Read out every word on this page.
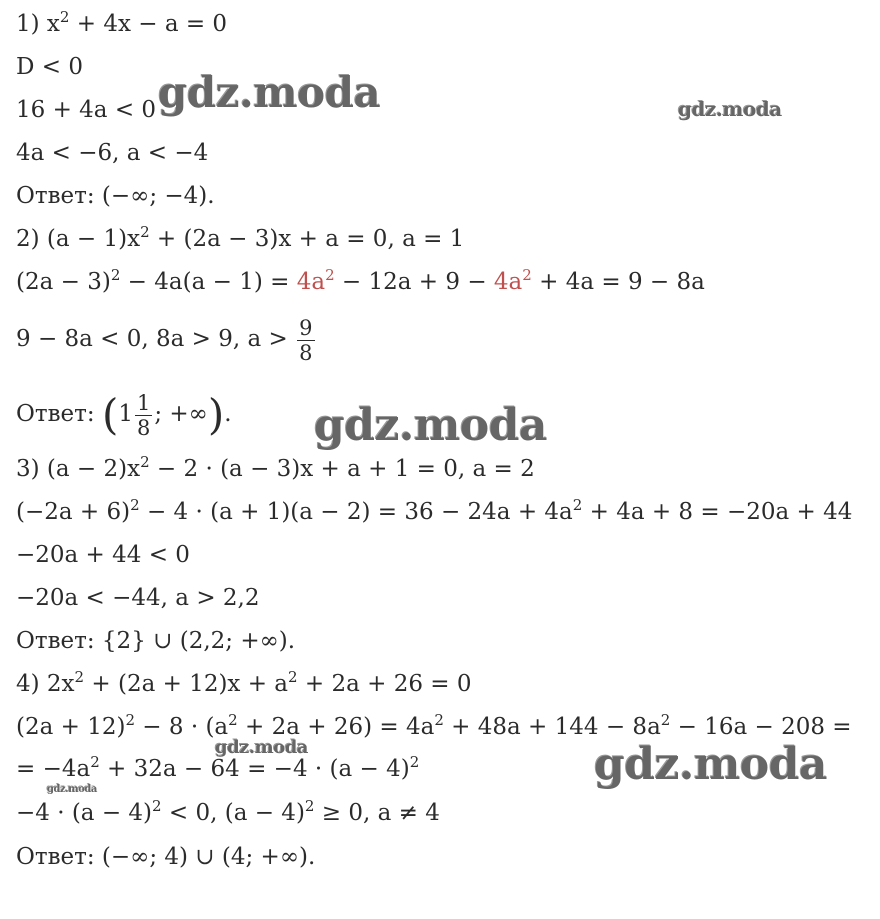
1) $x^2 + 4x - a = 0$
D < 0
16 + 4a < 0
4a < −6, a < −4
Ответ: (−∞; −4).
2) $(a - 1)x^2 + (2a - 3)x + a = 0$, a = 1
$(2a - 3)^2 - 4a(a - 1) = 4a^2 - 12a + 9 - 4a^2 + 4a = 9 - 8a$
9 − 8a < 0, 8a > 9, $a > \frac{9}{8}$
Ответ: ($1 \frac{1}{8}$ ; +∞).
3) $(a - 2)x^2 - 2 \cdot (a - 3)x + a + 1 = 0$, a = 2
$(-2a + 6)^2 - 4 \cdot (a + 1)(a - 2) = 36 - 24a + 4a^2 + 4a + 8 = -20a + 44$
−20a + 44 < 0
−20a < −44, a > 2,2
Ответ: {2} ∪ (2,2; +∞).
4) $2x^2 + (2a + 12)x + a^2 + 2a + 26 = 0$
$(2a + 12)^2 - 8 \cdot (a^2 + 2a + 26) = 4a^2 + 48a + 144 - 8a^2 - 16a - 208$ =
= $-4a^2 + 32a - 64 = -4 \cdot (a - 4)^2$
$-4 \cdot (a - 4)^2 < 0$, $(a - 4)^2 \ge 0$, a ≠ 4
Ответ: (−∞; 4) ∪ (4; +∞).
gdz.moda	gdz.moda
gdz.moda
gdz.moda
gdz.moda	gdz.moda
